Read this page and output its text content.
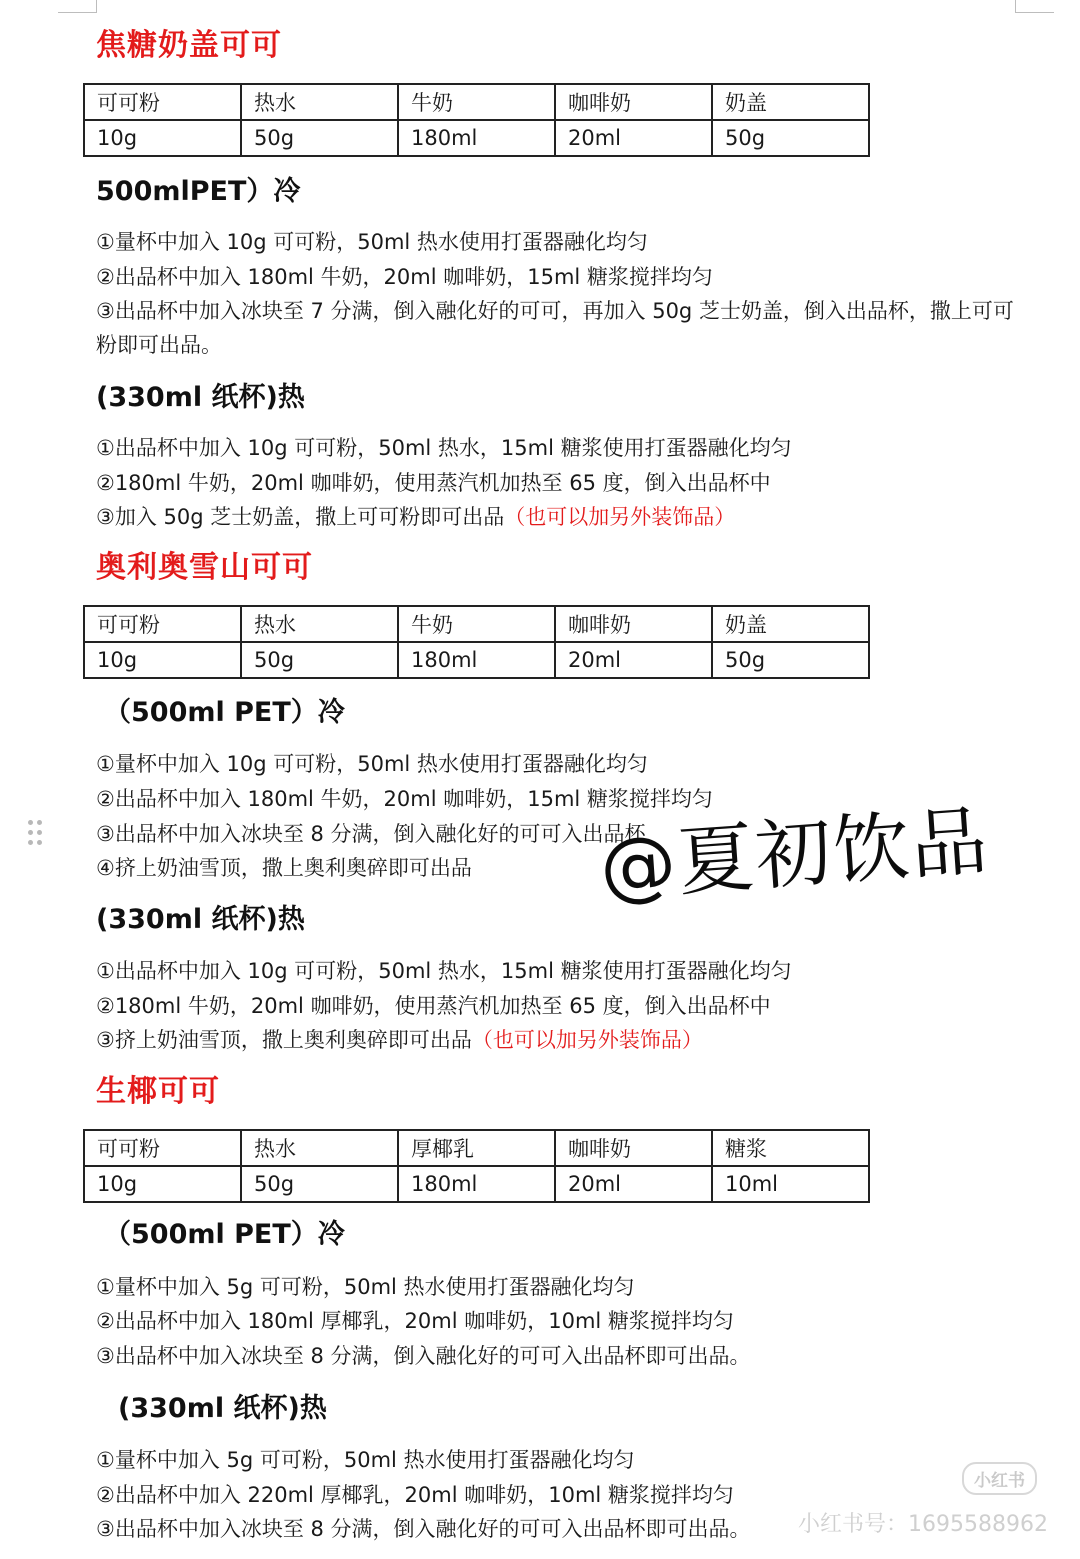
焦糖奶盖可可
可可粉	热水	牛奶	咖啡奶	奶盖
10g	50g	180ml	20ml	50g
500mlPET）冷

①量杯中加入 10g 可可粉，50ml 热水使用打蛋器融化均匀

②出品杯中加入 180ml 牛奶，20ml 咖啡奶，15ml 糖浆搅拌均匀

③出品杯中加入冰块至 7 分满，倒入融化好的可可，再加入 50g 芝士奶盖，倒入出品杯，撒上可可粉即可出品。

(330ml 纸杯)热

①出品杯中加入 10g 可可粉，50ml 热水，15ml 糖浆使用打蛋器融化均匀

②180ml 牛奶，20ml 咖啡奶，使用蒸汽机加热至 65 度，倒入出品杯中

③加入 50g 芝士奶盖，撒上可可粉即可出品（也可以加另外装饰品）

奥利奥雪山可可
可可粉	热水	牛奶	咖啡奶	奶盖
10g	50g	180ml	20ml	50g
（500ml PET）冷

①量杯中加入 10g 可可粉，50ml 热水使用打蛋器融化均匀

②出品杯中加入 180ml 牛奶，20ml 咖啡奶，15ml 糖浆搅拌均匀

③出品杯中加入冰块至 8 分满，倒入融化好的可可入出品杯

④挤上奶油雪顶，撒上奥利奥碎即可出品

(330ml 纸杯)热

①出品杯中加入 10g 可可粉，50ml 热水，15ml 糖浆使用打蛋器融化均匀

②180ml 牛奶，20ml 咖啡奶，使用蒸汽机加热至 65 度，倒入出品杯中

③挤上奶油雪顶，撒上奥利奥碎即可出品（也可以加另外装饰品）

生椰可可
可可粉	热水	厚椰乳	咖啡奶	糖浆
10g	50g	180ml	20ml	10ml
（500ml PET）冷

①量杯中加入 5g 可可粉，50ml 热水使用打蛋器融化均匀

②出品杯中加入 180ml 厚椰乳，20ml 咖啡奶，10ml 糖浆搅拌均匀

③出品杯中加入冰块至 8 分满，倒入融化好的可可入出品杯即可出品。

(330ml 纸杯)热

①量杯中加入 5g 可可粉，50ml 热水使用打蛋器融化均匀

②出品杯中加入 220ml 厚椰乳，20ml 咖啡奶，10ml 糖浆搅拌均匀

③出品杯中加入冰块至 8 分满，倒入融化好的可可入出品杯即可出品。

@夏初饮品
小红书
小红书号：1695588962
